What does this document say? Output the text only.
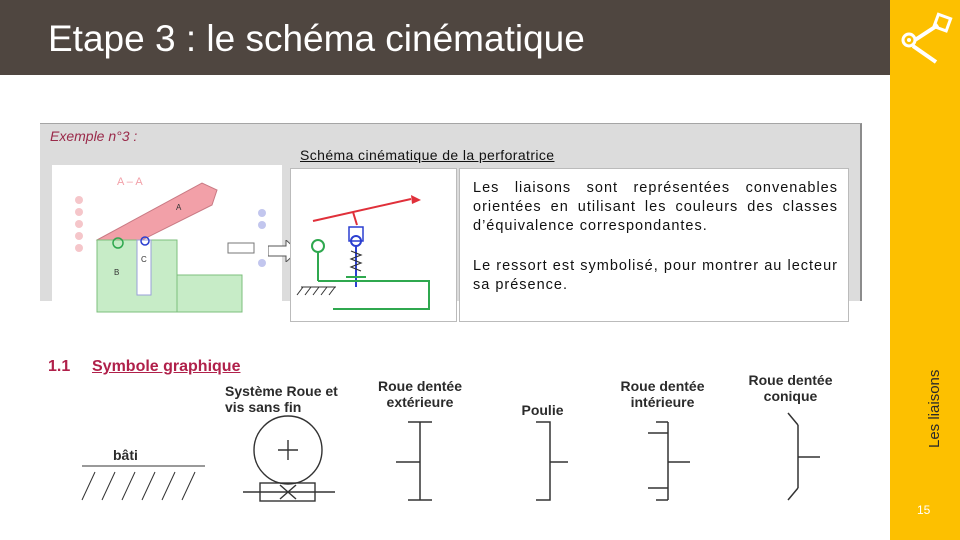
Etape 3 : le schéma cinématique
Les liaisons
15
Exemple n°3 :
Schéma cinématique de la perforatrice
A – A
A
B
C

Les liaisons sont représentées convenables orientées en utilisant les couleurs des classes d’équivalence correspondantes.

Le ressort est symbolisé, pour montrer au lecteur sa présence.

1.1 Symbole graphique
bâti
Système Roue et vis sans fin
Roue dentée extérieure	Poulie
Roue dentée intérieure
Roue dentée conique
